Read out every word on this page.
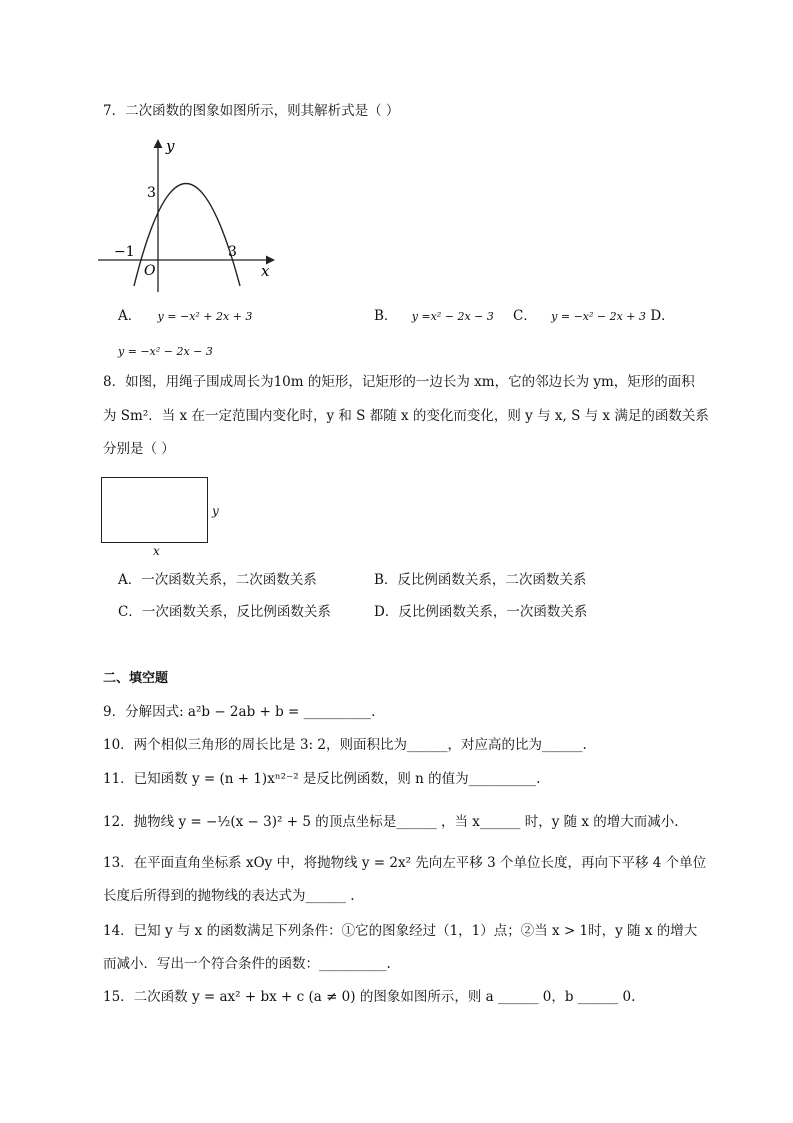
7．二次函数的图象如图所示，则其解析式是（ ）
y
x
O
3
−1	3
A． y = −x² + 2x + 3	B． y =x² − 2x − 3 C． y = −x² − 2x + 3 D．
y = −x² − 2x − 3
8．如图，用绳子围成周长为10m 的矩形，记矩形的一边长为 xm，它的邻边长为 ym，矩形的面积
为 Sm²．当 x 在一定范围内变化时，y 和 S 都随 x 的变化而变化，则 y 与 x, S 与 x 满足的函数关系
分别是（ ）
y
x
A．一次函数关系，二次函数关系	B．反比例函数关系，二次函数关系
C．一次函数关系，反比例函数关系	D．反比例函数关系，一次函数关系
二、填空题
9．分解因式: a²b − 2ab + b = __________.
10．两个相似三角形的周长比是 3: 2，则面积比为______，对应高的比为______.
11．已知函数 y = (n + 1)xⁿ²⁻² 是反比例函数，则 n 的值为__________.
12．抛物线 y = −½(x − 3)² + 5 的顶点坐标是______ ，当 x______ 时，y 随 x 的增大而减小.
13．在平面直角坐标系 xOy 中，将抛物线 y = 2x² 先向左平移 3 个单位长度，再向下平移 4 个单位
长度后所得到的抛物线的表达式为______ .
14．已知 y 与 x 的函数满足下列条件：①它的图象经过（1，1）点；②当 x > 1时，y 随 x 的增大
而减小．写出一个符合条件的函数：__________.
15．二次函数 y = ax² + bx + c (a ≠ 0) 的图象如图所示，则 a ______ 0，b ______ 0.
